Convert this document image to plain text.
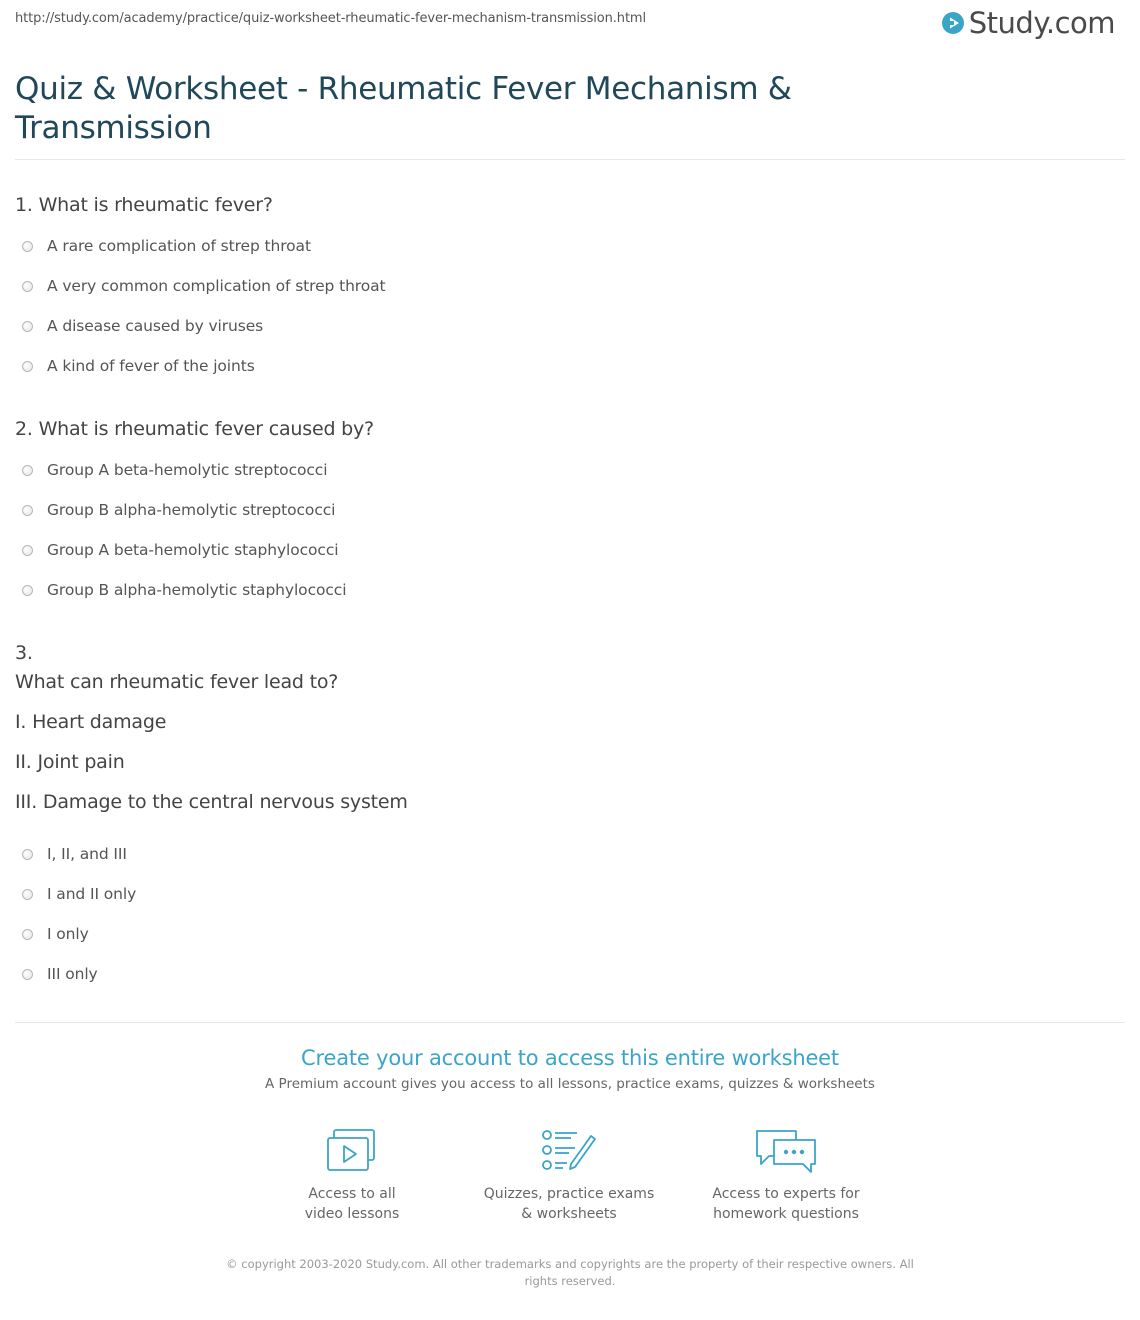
http://study.com/academy/practice/quiz-worksheet-rheumatic-fever-mechanism-transmission.html	Study.com
Quiz & Worksheet - Rheumatic Fever Mechanism & Transmission
1. What is rheumatic fever?
A rare complication of strep throat
A very common complication of strep throat
A disease caused by viruses
A kind of fever of the joints
2. What is rheumatic fever caused by?
Group A beta-hemolytic streptococci
Group B alpha-hemolytic streptococci
Group A beta-hemolytic staphylococci
Group B alpha-hemolytic staphylococci
3.
What can rheumatic fever lead to?
I. Heart damage
II. Joint pain
III. Damage to the central nervous system
I, II, and III
I and II only
I only
III only
Create your account to access this entire worksheet
A Premium account gives you access to all lessons, practice exams, quizzes & worksheets
Access to all
video lessons
Quizzes, practice exams
& worksheets
Access to experts for
homework questions
© copyright 2003-2020 Study.com. All other trademarks and copyrights are the property of their respective owners. All rights reserved.
